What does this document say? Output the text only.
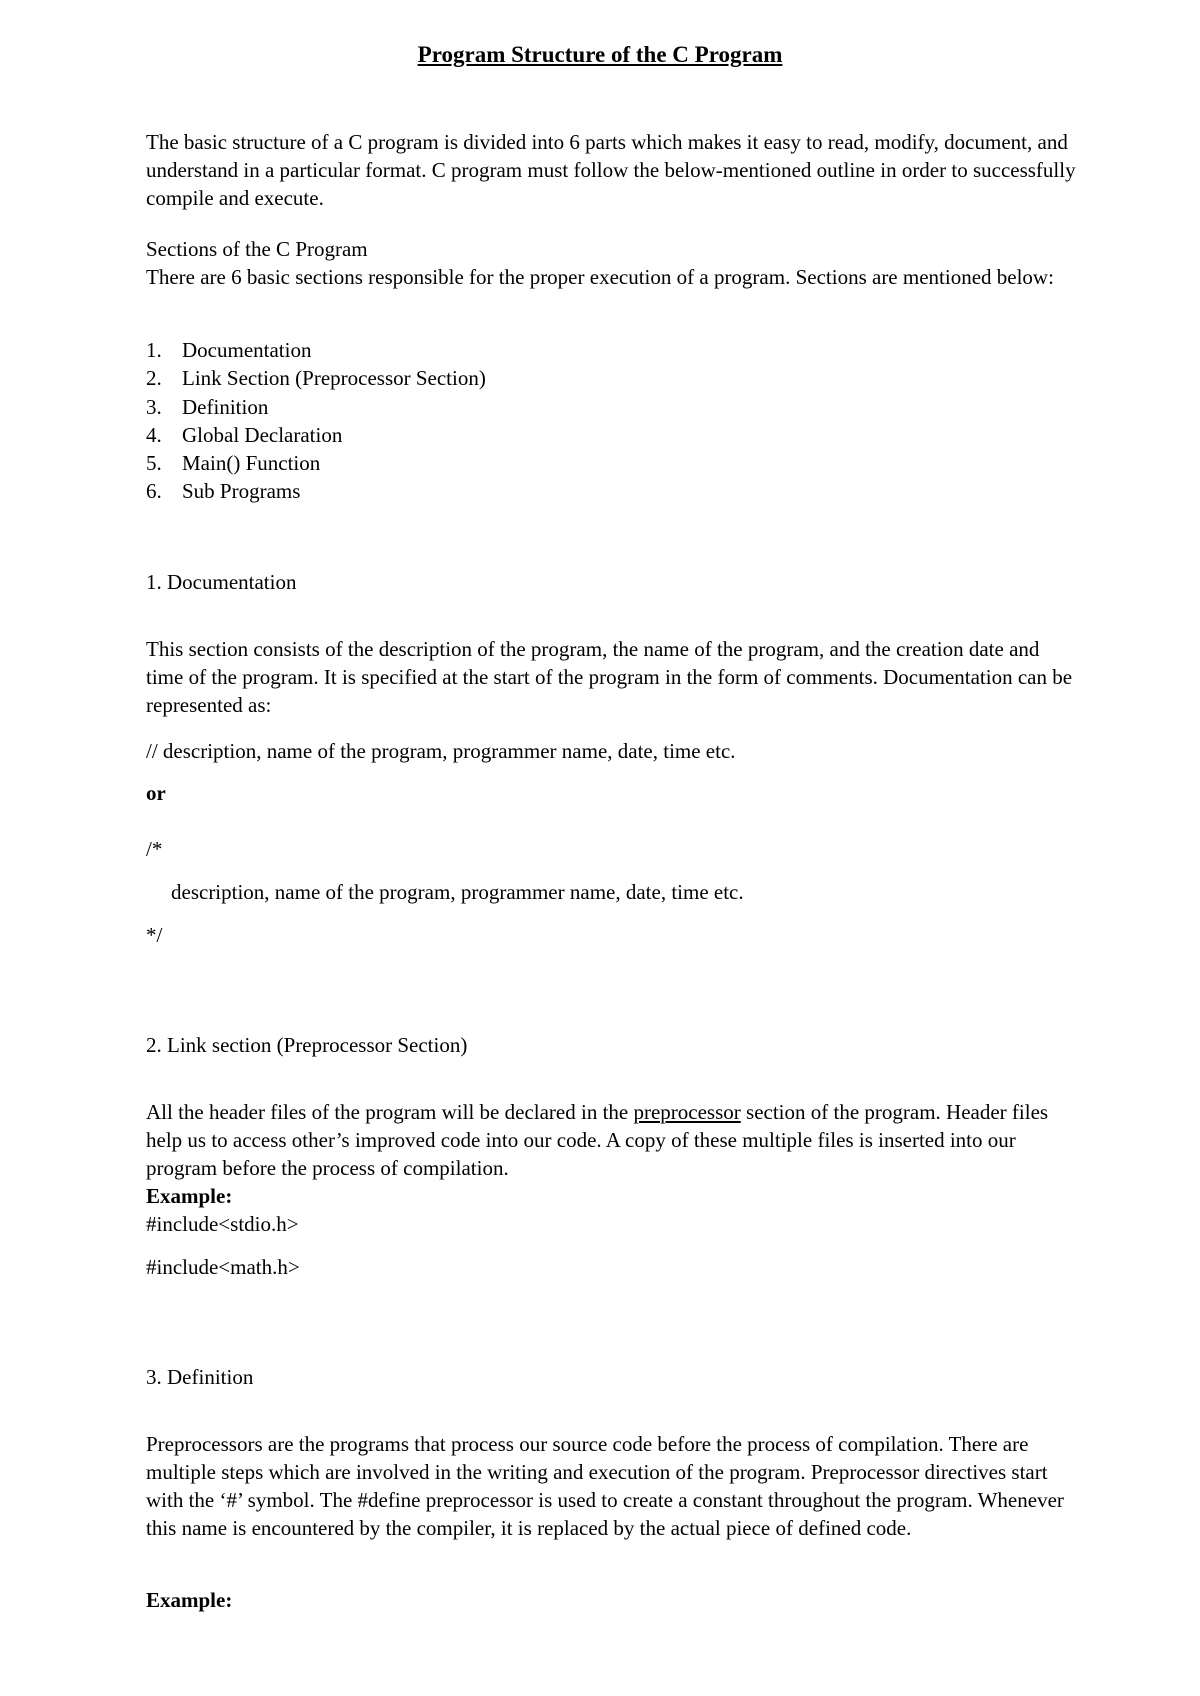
Program Structure of the C Program

The basic structure of a C program is divided into 6 parts which makes it easy to read, modify, document, and understand in a particular format. C program must follow the below-mentioned outline in order to successfully compile and execute.

Sections of the C Program

There are 6 basic sections responsible for the proper execution of a program. Sections are mentioned below:

1. Documentation
2. Link Section (Preprocessor Section)
3. Definition
4. Global Declaration
5. Main() Function
6. Sub Programs

1. Documentation

This section consists of the description of the program, the name of the program, and the creation date and time of the program. It is specified at the start of the program in the form of comments. Documentation can be represented as:

// description, name of the program, programmer name, date, time etc.

or

/*

description, name of the program, programmer name, date, time etc.

*/

2. Link section (Preprocessor Section)

All the header files of the program will be declared in the preprocessor section of the program. Header files help us to access other’s improved code into our code. A copy of these multiple files is inserted into our program before the process of compilation.

Example:

#include<stdio.h>

#include<math.h>

3. Definition

Preprocessors are the programs that process our source code before the process of compilation. There are multiple steps which are involved in the writing and execution of the program. Preprocessor directives start with the ‘#’ symbol. The #define preprocessor is used to create a constant throughout the program. Whenever this name is encountered by the compiler, it is replaced by the actual piece of defined code.

Example:
